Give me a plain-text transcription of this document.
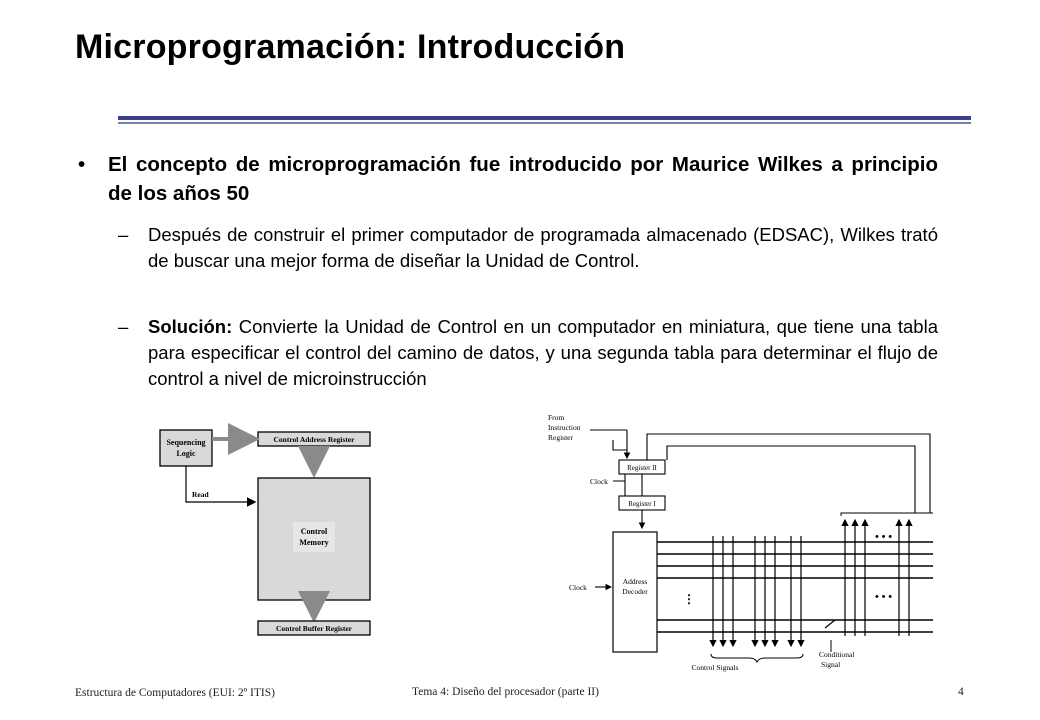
Microprogramación: Introducción
• El concepto de microprogramación fue introducido por Maurice Wilkes a principio de los años 50
– Después de construir el primer computador de programada almacenado (EDSAC), Wilkes trató de buscar una mejor forma de diseñar la Unidad de Control.
– Solución: Convierte la Unidad de Control en un computador en miniatura, que tiene una tabla para especificar el control del camino de datos, y una segunda tabla para determinar el flujo de control a nivel de microinstrucción
Sequencing
Logic
Control Address Register
Control
Memory
Read
Control Buffer Register
From
Instruction
Register
Clock
Clock
Control Signals
Conditional
Signal
Register II
Register I
Address
Decoder
⋮
• • •
• • •
Estructura de Computadores (EUI: 2º ITIS)	Tema 4: Diseño del procesador (parte II)	4
